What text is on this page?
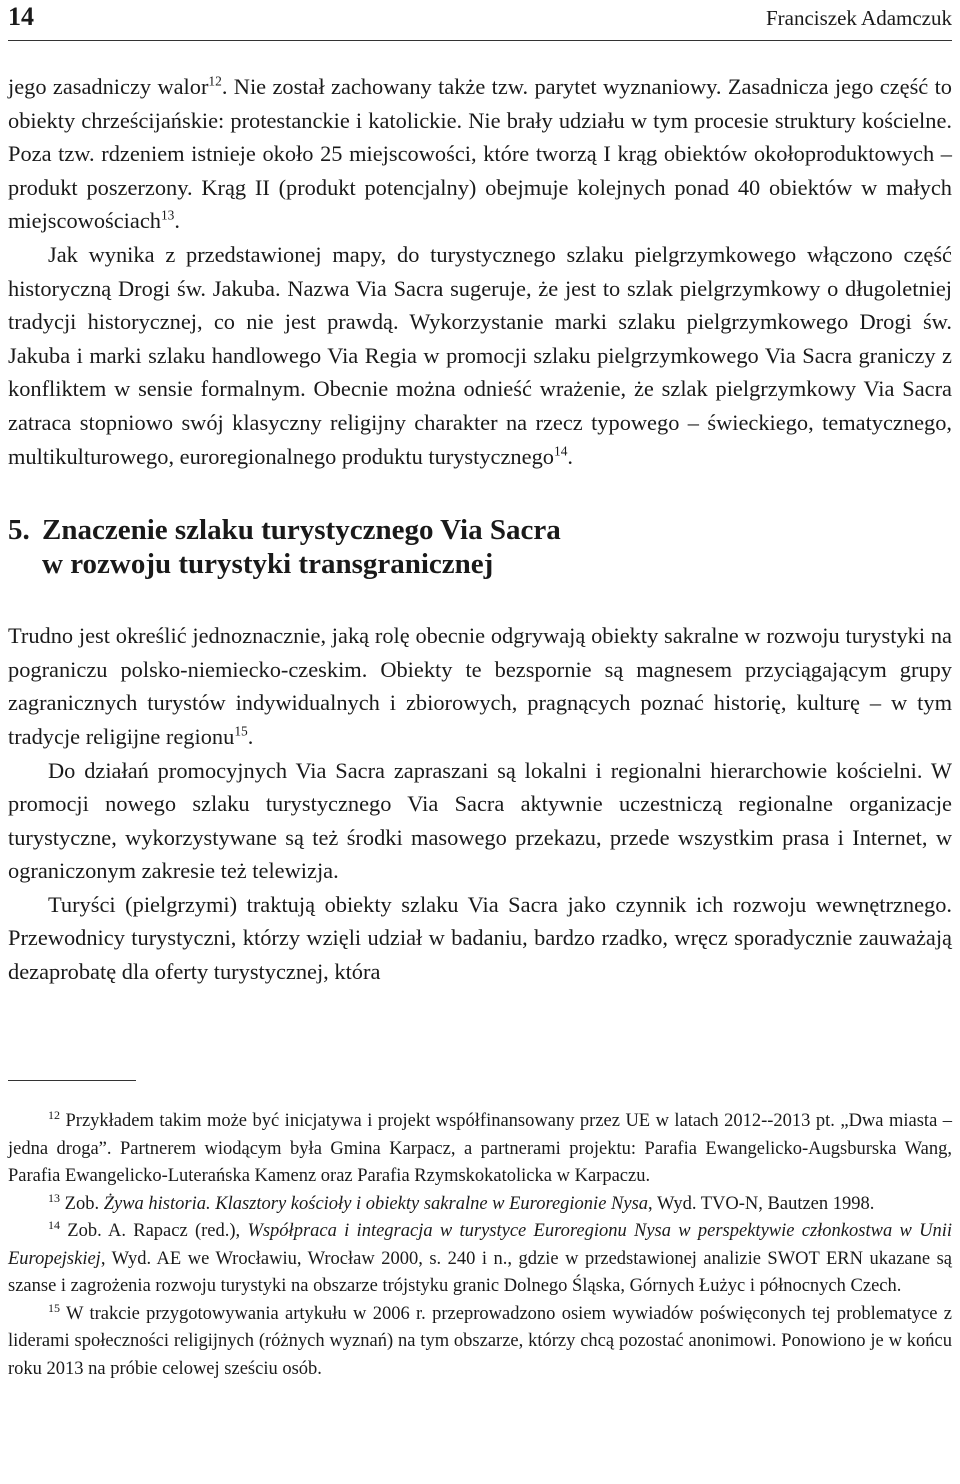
14	Franciszek Adamczuk

jego zasadniczy walor$^{12}$. Nie został zachowany także tzw. parytet wyznaniowy. Zasadnicza jego część to obiekty chrześcijańskie: protestanckie i katolickie. Nie brały udziału w tym procesie struktury kościelne. Poza tzw. rdzeniem istnieje około 25 miejscowości, które tworzą I krąg obiektów okołoproduktowych – produkt poszerzony. Krąg II (produkt potencjalny) obejmuje kolejnych ponad 40 obiektów w małych miejscowościach$^{13}$.

Jak wynika z przedstawionej mapy, do turystycznego szlaku pielgrzymkowego włączono część historyczną Drogi św. Jakuba. Nazwa Via Sacra sugeruje, że jest to szlak pielgrzymkowy o długoletniej tradycji historycznej, co nie jest prawdą. Wykorzystanie marki szlaku pielgrzymkowego Drogi św. Jakuba i marki szlaku handlowego Via Regia w promocji szlaku pielgrzymkowego Via Sacra graniczy z konfliktem w sensie formalnym. Obecnie można odnieść wrażenie, że szlak pielgrzymkowy Via Sacra zatraca stopniowo swój klasyczny religijny charakter na rzecz typowego – świeckiego, tematycznego, multikulturowego, euroregionalnego produktu turystycznego$^{14}$.

5. Znaczenie szlaku turystycznego Via Sacra
w rozwoju turystyki transgranicznej

Trudno jest określić jednoznacznie, jaką rolę obecnie odgrywają obiekty sakralne w rozwoju turystyki na pograniczu polsko-niemiecko-czeskim. Obiekty te bezspornie są magnesem przyciągającym grupy zagranicznych turystów indywidualnych i zbiorowych, pragnących poznać historię, kulturę – w tym tradycje religijne regionu$^{15}$.

Do działań promocyjnych Via Sacra zapraszani są lokalni i regionalni hierarchowie kościelni. W promocji nowego szlaku turystycznego Via Sacra aktywnie uczestniczą regionalne organizacje turystyczne, wykorzystywane są też środki masowego przekazu, przede wszystkim prasa i Internet, w ograniczonym zakresie też telewizja.

Turyści (pielgrzymi) traktują obiekty szlaku Via Sacra jako czynnik ich rozwoju wewnętrznego. Przewodnicy turystyczni, którzy wzięli udział w badaniu, bardzo rzadko, wręcz sporadycznie zauważają dezaprobatę dla oferty turystycznej, która

$^{12}$ Przykładem takim może być inicjatywa i projekt współfinansowany przez UE w latach 2012--2013 pt. „Dwa miasta – jedna droga”. Partnerem wiodącym była Gmina Karpacz, a partnerami projektu: Parafia Ewangelicko-Augsburska Wang, Parafia Ewangelicko-Luterańska Kamenz oraz Parafia Rzymskokatolicka w Karpaczu.

$^{13}$ Zob. Żywa historia. Klasztory kościoły i obiekty sakralne w Euroregionie Nysa, Wyd. TVO-N, Bautzen 1998.

$^{14}$ Zob. A. Rapacz (red.), Współpraca i integracja w turystyce Euroregionu Nysa w perspektywie członkostwa w Unii Europejskiej, Wyd. AE we Wrocławiu, Wrocław 2000, s. 240 i n., gdzie w przedstawionej analizie SWOT ERN ukazane są szanse i zagrożenia rozwoju turystyki na obszarze trójstyku granic Dolnego Śląska, Górnych Łużyc i północnych Czech.

$^{15}$ W trakcie przygotowywania artykułu w 2006 r. przeprowadzono osiem wywiadów poświęconych tej problematyce z liderami społeczności religijnych (różnych wyznań) na tym obszarze, którzy chcą pozostać anonimowi. Ponowiono je w końcu roku 2013 na próbie celowej sześciu osób.
